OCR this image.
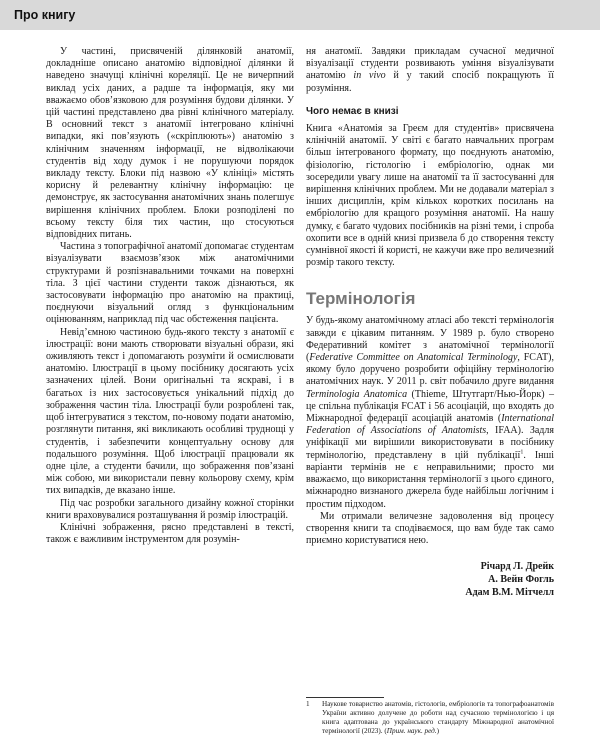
Про книгу

У частині, присвяченій ділянковій анатомії, докладніше описано анатомію відповідної ділянки й наведено значущі клінічні кореляції. Це не вичерпний виклад усіх даних, а радше та інформація, яку ми вважаємо обов’язковою для розуміння будови ділянки. У цій частині представлено два рівні клінічного матеріалу. В основний текст з анатомії інтегровано клінічні випадки, які пов’язують («скріплюють») анатомію з клінічним значенням інформації, не відволікаючи студентів від ходу думок і не порушуючи порядок викладу тексту. Блоки під назвою «У клініці» містять корисну й релевантну клінічну інформацію: це демонструє, як застосування анатомічних знань полегшує вирішення клінічних проблем. Блоки розподілені по всьому тексту біля тих частин, що стосуються відповідних питань.

Частина з топографічної анатомії допомагає студентам візуалізувати взаємозв’язок між анатомічними структурами й розпізнавальними точками на поверхні тіла. З цієї частини студенти також дізнаються, як застосовувати інформацію про анатомію на практиці, поєднуючи візуальний огляд з функціональним оцінюванням, наприклад під час обстеження пацієнта.

Невід’ємною частиною будь-якого тексту з анатомії є ілюстрації: вони мають створювати візуальні образи, які оживляють текст і допомагають розуміти й осмислювати анатомію. Ілюстрації в цьому посібнику досягають усіх зазначених цілей. Вони оригінальні та яскраві, і в багатьох із них застосовується унікальний підхід до зображення частин тіла. Ілюстрації були розроблені так, щоб інтегруватися з текстом, по-новому подати анатомію, розглянути питання, які викликають особливі труднощі у студентів, і забезпечити концептуальну основу для подальшого розуміння. Щоб ілюстрації працювали як одне ціле, а студенти бачили, що зображення пов’язані між собою, ми використали певну кольорову схему, крім тих випадків, де вказано інше.

Під час розробки загального дизайну кожної сторінки книги враховувалися розташування й розмір ілюстрацій.

Клінічні зображення, рясно представлені в тексті, також є важливим інструментом для розумін-

ня анатомії. Завдяки прикладам сучасної медичної візуалізації студенти розвивають уміння візуалізувати анатомію in vivo й у такий спосіб покращують її розуміння.

Чого немає в книзі

Книга «Анатомія за Греєм для студентів» присвячена клінічній анатомії. У світі є багато навчальних програм більш інтегрованого формату, що поєднують анатомію, фізіологію, гістологію і ембріологію, однак ми зосередили увагу лише на анатомії та її застосуванні для вирішення клінічних проблем. Ми не додавали матеріал з інших дисциплін, крім кількох коротких посилань на ембріологію для кращого розуміння анатомії. На нашу думку, є багато чудових посібників на різні теми, і спроба охопити все в одній книзі призвела б до створення тексту сумнівної якості й користі, не кажучи вже про величезний розмір такого тексту.

Термінологія

У будь-якому анатомічному атласі або тексті термінологія завжди є цікавим питанням. У 1989 р. було створено Федеративний комітет з анатомічної термінології (Federative Committee on Anatomical Terminology, FCAT), якому було доручено розробити офіційну термінологію анатомічних наук. У 2011 р. світ побачило друге видання Terminologia Anatomica (Thieme, Штутгарт/Нью-Йорк) – це спільна публікація FCAT і 56 асоціацій, що входять до Міжнародної федерації асоціацій анатомів (International Federation of Associations of Anatomists, IFAA). Задля уніфікації ми вирішили використовувати в посібнику термінологію, представлену в цій публікації$^1$. Інші варіанти термінів не є неправильними; просто ми вважаємо, що використання термінології з цього єдиного, міжнародно визнаного джерела буде найбільш логічним і простим підходом.

Ми отримали величезне задоволення від процесу створення книги та сподіваємося, що вам буде так само приємно користуватися нею.

Річард Л. Дрейк
А. Вейн Фогль
Адам В.М. Мітчелл
1 Наукове товариство анатомів, гістологів, ембріологів та топографоанатомів України активно долучене до роботи над сучасною термінологією і ця книга адаптована до українського стандарту Міжнародної анатомічної термінології (2023). (Прим. наук. ред.)
